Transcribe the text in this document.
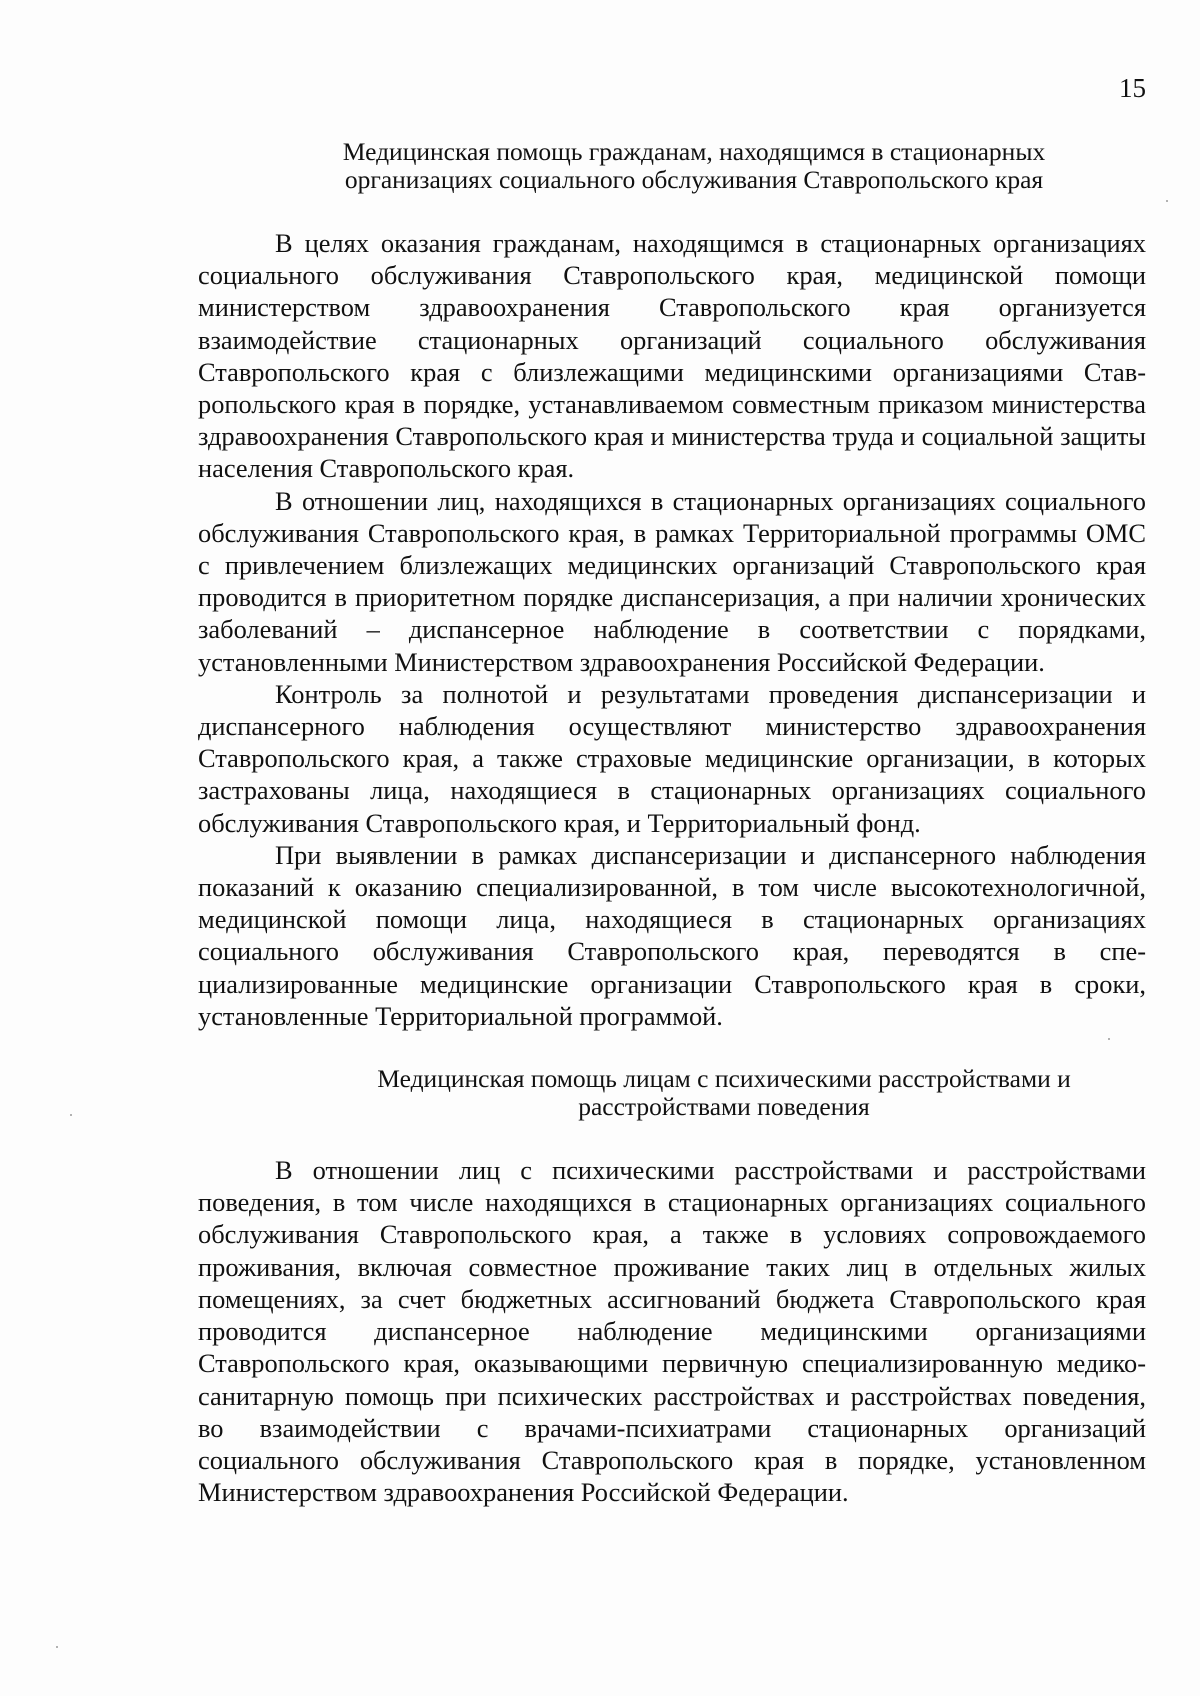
15
Медицинская помощь гражданам, находящимся в стационарных
организациях социального обслуживания Ставропольского края

В целях оказания гражданам, находящимся в стационарных организациях социального обслуживания Ставропольского края, медицинской помощи министерством здравоохранения Ставропольского края организуется взаимодействие стационарных организаций социального обслуживания Ставропольского края с близлежащими медицинскими организациями Ставропольского края в порядке, устанавливаемом совместным приказом министерства здравоохранения Ставропольского края и министерства труда и социальной защиты населения Ставропольского края.

В отношении лиц, находящихся в стационарных организациях социального обслуживания Ставропольского края, в рамках Территориальной программы ОМС с привлечением близлежащих медицинских организаций Ставропольского края проводится в приоритетном порядке диспансеризация, а при наличии хронических заболеваний – диспансерное наблюдение в соответствии с порядками, установленными Министерством здравоохранения Российской Федерации.

Контроль за полнотой и результатами проведения диспансеризации и диспансерного наблюдения осуществляют министерство здравоохранения Ставропольского края, а также страховые медицинские организации, в которых застрахованы лица, находящиеся в стационарных организациях социального обслуживания Ставропольского края, и Территориальный фонд.

При выявлении в рамках диспансеризации и диспансерного наблюдения показаний к оказанию специализированной, в том числе высокотехнологичной, медицинской помощи лица, находящиеся в стационарных организациях социального обслуживания Ставропольского края, переводятся в специализированные медицинские организации Ставропольского края в сроки, установленные Территориальной программой.

Медицинская помощь лицам с психическими расстройствами и
расстройствами поведения

В отношении лиц с психическими расстройствами и расстройствами поведения, в том числе находящихся в стационарных организациях социального обслуживания Ставропольского края, а также в условиях сопровождаемого проживания, включая совместное проживание таких лиц в отдельных жилых помещениях, за счет бюджетных ассигнований бюджета Ставропольского края проводится диспансерное наблюдение медицинскими организациями Ставропольского края, оказывающими первичную специализированную медико-санитарную помощь при психических расстройствах и расстройствах поведения, во взаимодействии с врачами-психиатрами стационарных организаций социального обслуживания Ставропольского края в порядке, установленном Министерством здравоохранения Российской Федерации.
